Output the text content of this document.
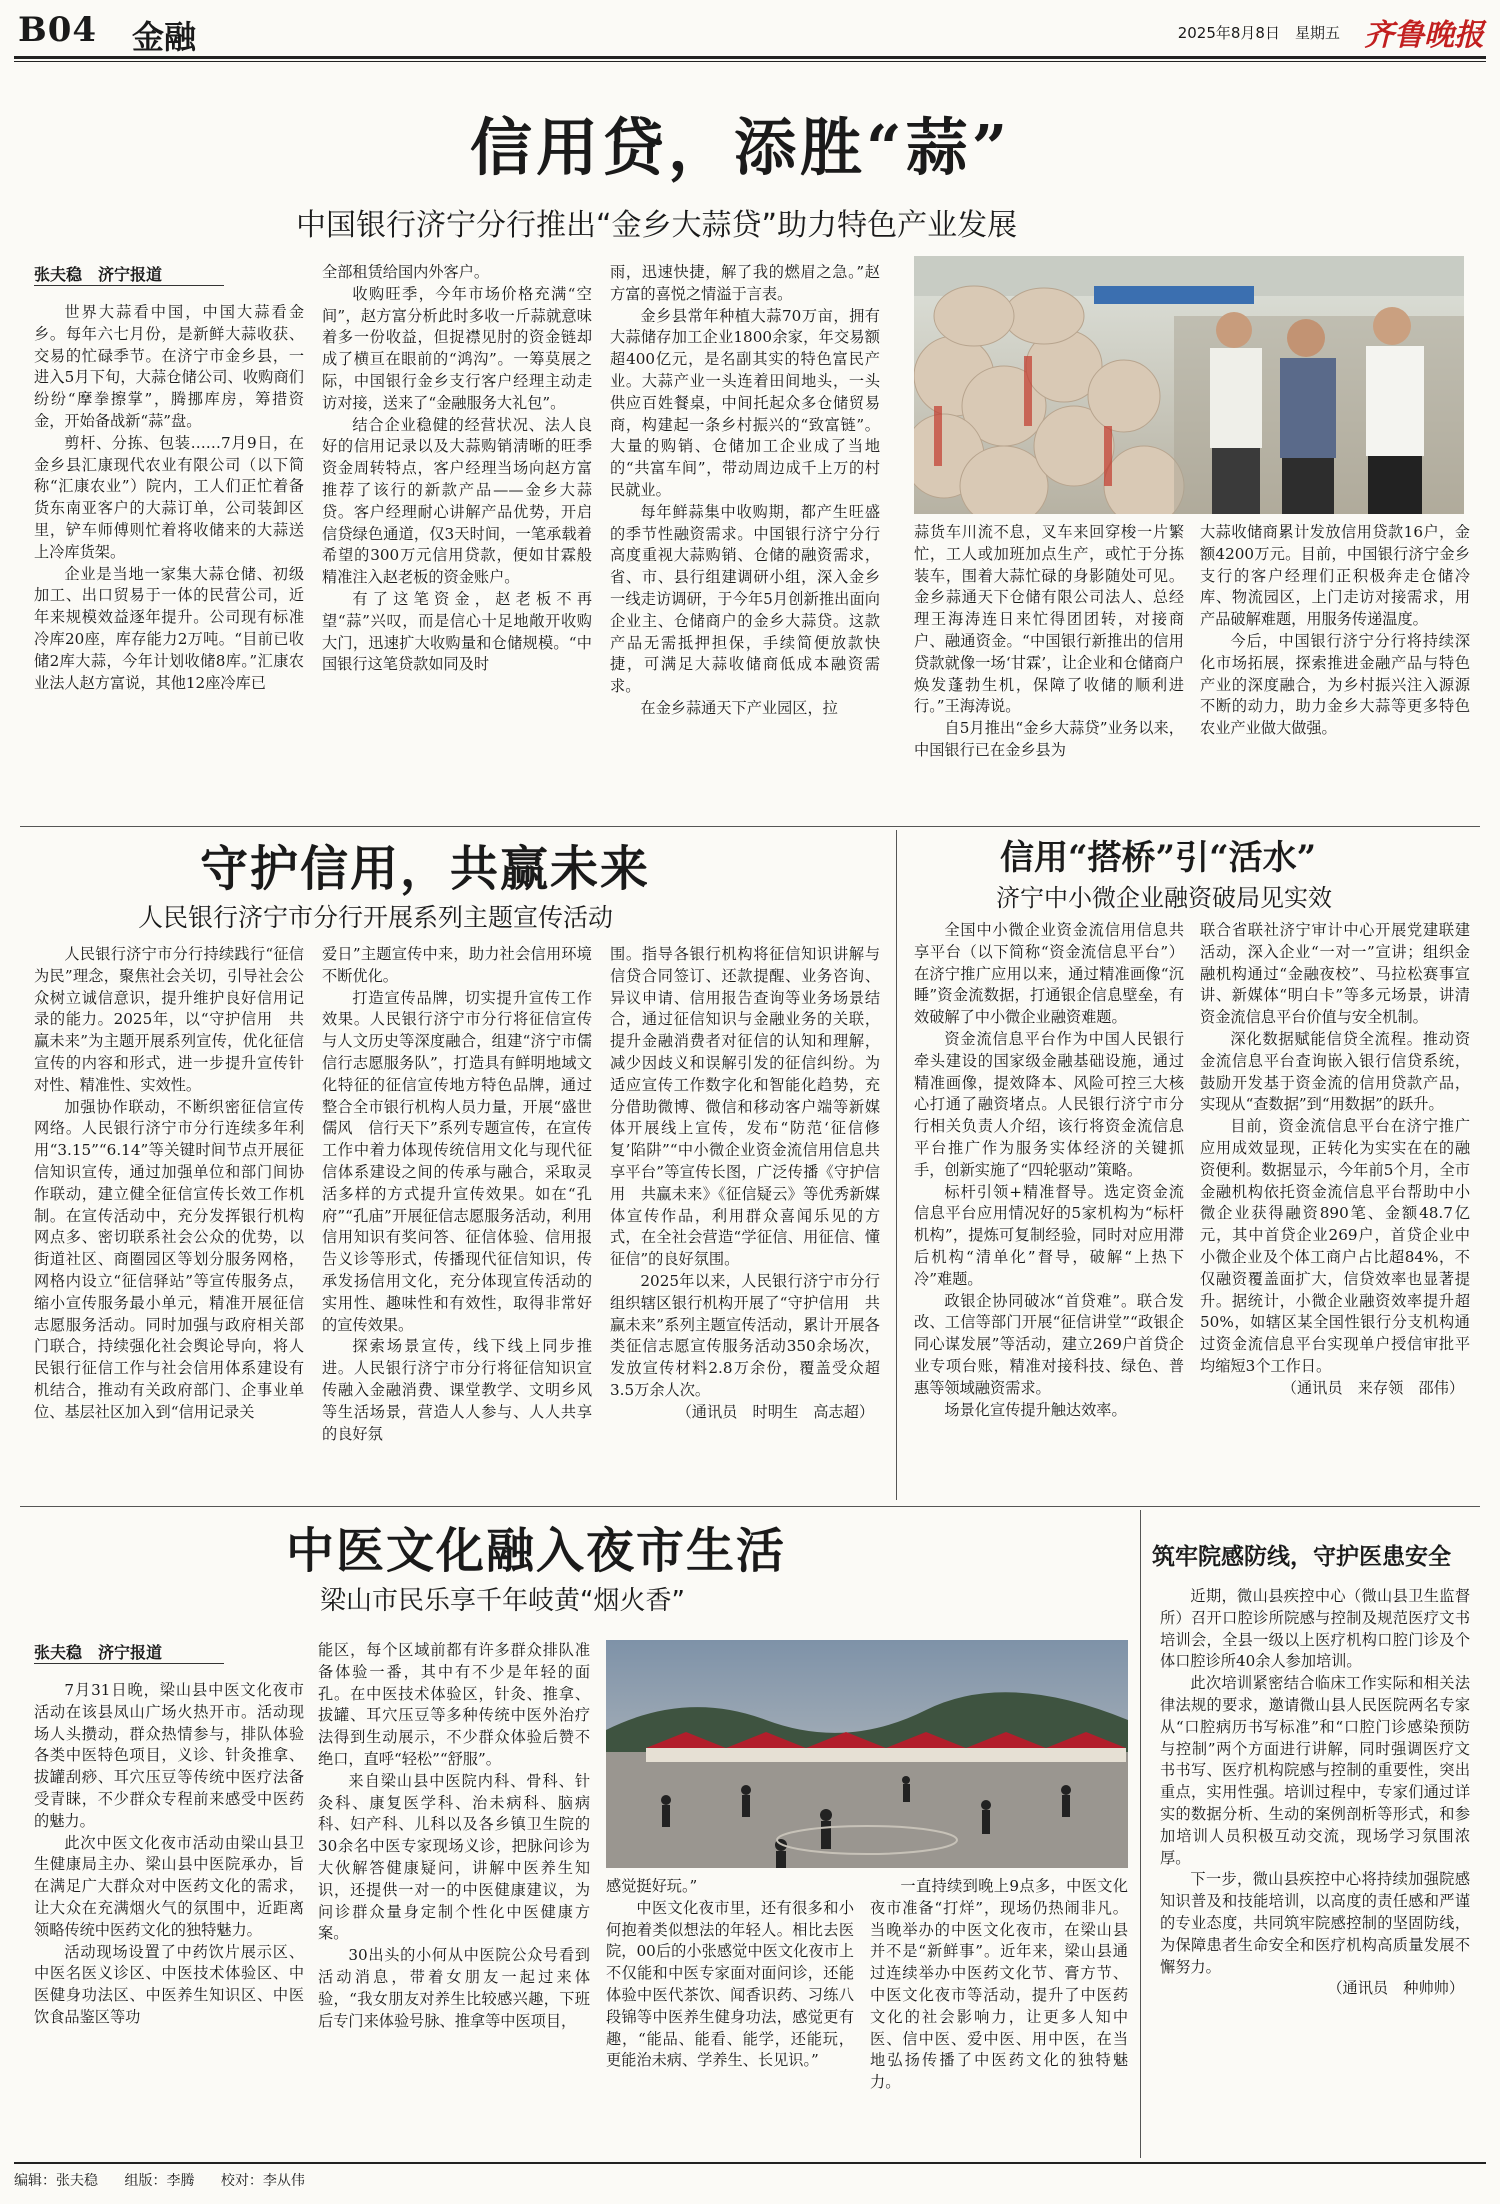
B04 金融	2025年8月8日　 星期五 齐鲁晚报
信用贷，添胜“蒜”
中国银行济宁分行推出“金乡大蒜贷”助力特色产业发展
张夫稳　济宁报道

世界大蒜看中国，中国大蒜看金乡。每年六七月份，是新鲜大蒜收获、交易的忙碌季节。在济宁市金乡县，一进入5月下旬，大蒜仓储公司、收购商们纷纷“摩拳擦掌”，腾挪库房，筹措资金，开始备战新“蒜”盘。

剪杆、分拣、包装……7月9日，在金乡县汇康现代农业有限公司（以下简称“汇康农业”）院内，工人们正忙着备货东南亚客户的大蒜订单，公司装卸区里，铲车师傅则忙着将收储来的大蒜送上冷库货架。

企业是当地一家集大蒜仓储、初级加工、出口贸易于一体的民营公司，近年来规模效益逐年提升。公司现有标准冷库20座，库存能力2万吨。“目前已收储2库大蒜，今年计划收储8库。”汇康农业法人赵方富说，其他12座冷库已

全部租赁给国内外客户。

收购旺季，今年市场价格充满“空间”，赵方富分析此时多收一斤蒜就意味着多一份收益，但捉襟见肘的资金链却成了横亘在眼前的“鸿沟”。一筹莫展之际，中国银行金乡支行客户经理主动走访对接，送来了“金融服务大礼包”。

结合企业稳健的经营状况、法人良好的信用记录以及大蒜购销淸晰的旺季资金周转特点，客户经理当场向赵方富推荐了该行的新款产品——金乡大蒜贷。客户经理耐心讲解产品优势，开启信贷绿色通道，仅3天时间，一笔承载着希望的300万元信用贷款，便如甘霖般精准注入赵老板的资金账户。

有了这笔资金，赵老板不再望“蒜”兴叹，而是信心十足地敞开收购大门，迅速扩大收购量和仓储规模。“中国银行这笔贷款如同及时

雨，迅速快捷，解了我的燃眉之急。”赵方富的喜悦之情溢于言表。

金乡县常年种植大蒜70万亩，拥有大蒜储存加工企业1800余家，年交易额超400亿元，是名副其实的特色富民产业。大蒜产业一头连着田间地头，一头供应百姓餐桌，中间托起众多仓储贸易商，构建起一条乡村振兴的“致富链”。大量的购销、仓储加工企业成了当地的“共富车间”，带动周边成千上万的村民就业。

每年鲜蒜集中收购期，都产生旺盛的季节性融资需求。中国银行济宁分行高度重视大蒜购销、仓储的融资需求，省、市、县行组建调研小组，深入金乡一线走访调研，于今年5月创新推出面向企业主、仓储商户的金乡大蒜贷。这款产品无需抵押担保，手续简便放款快捷，可满足大蒜收储商低成本融资需求。

在金乡蒜通天下产业园区，拉

蒜货车川流不息，叉车来回穿梭一片繁忙，工人或加班加点生产，或忙于分拣装车，围着大蒜忙碌的身影随处可见。金乡蒜通天下仓储有限公司法人、总经理王海涛连日来忙得团团转，对接商户、融通资金。“中国银行新推出的信用贷款就像一场‘甘霖’，让企业和仓储商户焕发蓬勃生机，保障了收储的顺利进行。”王海涛说。

自5月推出“金乡大蒜贷”业务以来，中国银行已在金乡县为

大蒜收储商累计发放信用贷款16户，金额4200万元。目前，中国银行济宁金乡支行的客户经理们正积极奔走仓储冷库、物流园区，上门走访对接需求，用产品破解难题，用服务传递温度。

今后，中国银行济宁分行将持续深化市场拓展，探索推进金融产品与特色产业的深度融合，为乡村振兴注入源源不断的动力，助力金乡大蒜等更多特色农业产业做大做强。

守护信用，共赢未来
人民银行济宁市分行开展系列主题宣传活动

人民银行济宁市分行持续践行“征信为民”理念，聚焦社会关切，引导社会公众树立诚信意识，提升维护良好信用记录的能力。2025年，以“守护信用　共赢未来”为主题开展系列宣传，优化征信宣传的内容和形式，进一步提升宣传针对性、精准性、实效性。

加强协作联动，不断织密征信宣传网络。人民银行济宁市分行连续多年利用“3.15”“6.14”等关键时间节点开展征信知识宣传，通过加强单位和部门间协作联动，建立健全征信宣传长效工作机制。在宣传活动中，充分发挥银行机构网点多、密切联系社会公众的优势，以街道社区、商圈园区等划分服务网格，网格内设立“征信驿站”等宣传服务点，缩小宣传服务最小单元，精准开展征信志愿服务活动。同时加强与政府相关部门联合，持续强化社会舆论导向，将人民银行征信工作与社会信用体系建设有机结合，推动有关政府部门、企事业单位、基层社区加入到“信用记录关

爱日”主题宣传中来，助力社会信用环境不断优化。

打造宣传品牌，切实提升宣传工作效果。人民银行济宁市分行将征信宣传与人文历史等深度融合，组建“济宁市儒信行志愿服务队”，打造具有鲜明地域文化特征的征信宣传地方特色品牌，通过整合全市银行机构人员力量，开展“盛世儒风　信行天下”系列专题宣传，在宣传工作中着力体现传统信用文化与现代征信体系建设之间的传承与融合，采取灵活多样的方式提升宣传效果。如在“孔府”“孔庙”开展征信志愿服务活动，利用信用知识有奖问答、征信体验、信用报告义诊等形式，传播现代征信知识，传承发扬信用文化，充分体现宣传活动的实用性、趣味性和有效性，取得非常好的宣传效果。

探索场景宣传，线下线上同步推进。人民银行济宁市分行将征信知识宣传融入金融消费、课堂教学、文明乡风等生活场景，营造人人参与、人人共享的良好氛

围。指导各银行机构将征信知识讲解与信贷合同签订、还款提醒、业务咨询、异议申请、信用报告查询等业务场景结合，通过征信知识与金融业务的关联，提升金融消费者对征信的认知和理解，减少因歧义和误解引发的征信纠纷。为适应宣传工作数字化和智能化趋势，充分借助微博、微信和移动客户端等新媒体开展线上宣传，发布“防范‘征信修复’陷阱”“中小微企业资金流信用信息共享平台”等宣传长图，广泛传播《守护信用　共赢未来》《征信疑云》等优秀新媒体宣传作品，利用群众喜闻乐见的方式，在全社会营造“学征信、用征信、懂征信”的良好氛围。

2025年以来，人民银行济宁市分行组织辖区银行机构开展了“守护信用　共赢未来”系列主题宣传活动，累计开展各类征信志愿宣传服务活动350余场次，发放宣传材料2.8万余份，覆盖受众超3.5万余人次。

（通讯员　时明生　高志超）

信用“搭桥”引“活水”
济宁中小微企业融资破局见实效

全国中小微企业资金流信用信息共享平台（以下简称“资金流信息平台”）在济宁推广应用以来，通过精准画像“沉睡”资金流数据，打通银企信息壁垒，有效破解了中小微企业融资难题。

资金流信息平台作为中国人民银行牵头建设的国家级金融基础设施，通过精准画像，提效降本、风险可控三大核心打通了融资堵点。人民银行济宁市分行相关负责人介绍，该行将资金流信息平台推广作为服务实体经济的关键抓手，创新实施了“四轮驱动”策略。

标杆引领+精准督导。选定资金流信息平台应用情况好的5家机构为“标杆机构”，提炼可复制经验，同时对应用滞后机构“清单化”督导，破解“上热下冷”难题。

政银企协同破冰“首贷难”。联合发改、工信等部门开展“征信讲堂”“政银企同心谋发展”等活动，建立269户首贷企业专项台账，精准对接科技、绿色、普惠等领域融资需求。

场景化宣传提升触达效率。

联合省联社济宁审计中心开展党建联建活动，深入企业“一对一”宣讲；组织金融机构通过“金融夜校”、马拉松赛事宣讲、新媒体“明白卡”等多元场景，讲清资金流信息平台价值与安全机制。

深化数据赋能信贷全流程。推动资金流信息平台查询嵌入银行信贷系统，鼓励开发基于资金流的信用贷款产品，实现从“查数据”到“用数据”的跃升。

目前，资金流信息平台在济宁推广应用成效显现，正转化为实实在在的融资便利。数据显示，今年前5个月，全市金融机构依托资金流信息平台帮助中小微企业获得融资890笔、金额48.7亿元，其中首贷企业269户，首贷企业中小微企业及个体工商户占比超84%，不仅融资覆盖面扩大，信贷效率也显著提升。据统计，小微企业融资效率提升超50%，如辖区某全国性银行分支机构通过资金流信息平台实现单户授信审批平均缩短3个工作日。

（通讯员　来存领　邵伟）

中医文化融入夜市生活
梁山市民乐享千年岐黄“烟火香”
张夫稳　济宁报道

7月31日晚，梁山县中医文化夜市活动在该县凤山广场火热开市。活动现场人头攒动，群众热情参与，排队体验各类中医特色项目，义诊、针灸推拿、拔罐刮痧、耳穴压豆等传统中医疗法备受青睐，不少群众专程前来感受中医药的魅力。

此次中医文化夜市活动由梁山县卫生健康局主办、梁山县中医院承办，旨在满足广大群众对中医药文化的需求，让大众在充满烟火气的氛围中，近距离领略传统中医药文化的独特魅力。

活动现场设置了中药饮片展示区、中医名医义诊区、中医技术体验区、中医健身功法区、中医养生知识区、中医饮食品鉴区等功

能区，每个区域前都有许多群众排队准备体验一番，其中有不少是年轻的面孔。在中医技术体验区，针灸、推拿、拔罐、耳穴压豆等多种传统中医外治疗法得到生动展示，不少群众体验后赞不绝口，直呼“轻松”“舒服”。

来自梁山县中医院内科、骨科、针灸科、康复医学科、治未病科、脑病科、妇产科、儿科以及各乡镇卫生院的30余名中医专家现场义诊，把脉问诊为大伙解答健康疑问，讲解中医养生知识，还提供一对一的中医健康建议，为问诊群众量身定制个性化中医健康方案。

30出头的小何从中医院公众号看到活动消息，带着女朋友一起过来体验，“我女朋友对养生比较感兴趣，下班后专门来体验号脉、推拿等中医项目，

感觉挺好玩。”

中医文化夜市里，还有很多和小何抱着类似想法的年轻人。相比去医院，00后的小张感觉中医文化夜市上不仅能和中医专家面对面问诊，还能体验中医代茶饮、闻香识药、习练八段锦等中医养生健身功法，感觉更有趣，“能品、能看、能学，还能玩，更能治未病、学养生、长见识。”

一直持续到晚上9点多，中医文化夜市准备“打烊”，现场仍热闹非凡。当晚举办的中医文化夜市，在梁山县并不是“新鲜事”。近年来，梁山县通过连续举办中医药文化节、膏方节、中医文化夜市等活动，提升了中医药文化的社会影响力，让更多人知中医、信中医、爱中医、用中医，在当地弘扬传播了中医药文化的独特魅力。

筑牢院感防线，守护医患安全

近期，微山县疾控中心（微山县卫生监督所）召开口腔诊所院感与控制及规范医疗文书培训会，全县一级以上医疗机构口腔门诊及个体口腔诊所40余人参加培训。

此次培训紧密结合临床工作实际和相关法律法规的要求，邀请微山县人民医院两名专家从“口腔病历书写标准”和“口腔门诊感染预防与控制”两个方面进行讲解，同时强调医疗文书书写、医疗机构院感与控制的重要性，突出重点，实用性强。培训过程中，专家们通过详实的数据分析、生动的案例剖析等形式，和参加培训人员积极互动交流，现场学习氛围浓厚。

下一步，微山县疾控中心将持续加强院感知识普及和技能培训，以高度的责任感和严谨的专业态度，共同筑牢院感控制的坚固防线，为保障患者生命安全和医疗机构高质量发展不懈努力。

（通讯员　种帅帅）

编辑：张夫稳 组版：李腾 校对：李从伟
